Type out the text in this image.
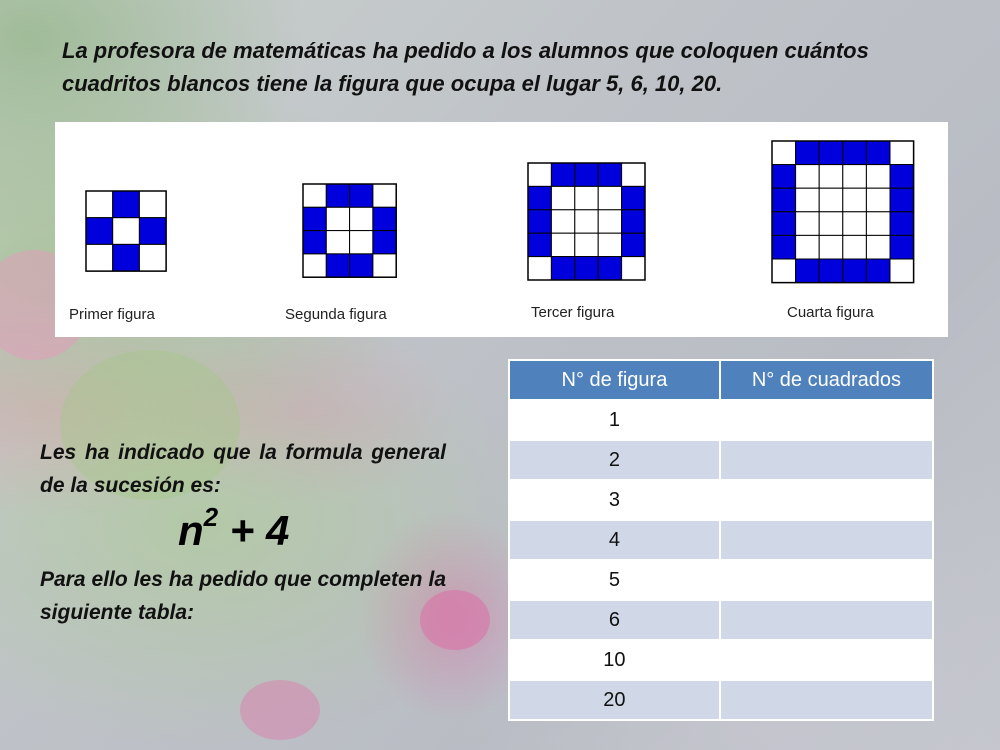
La profesora de matemáticas ha pedido a los alumnos que coloquen cuántos cuadritos blancos tiene la figura que ocupa el lugar 5, 6, 10, 20.
Primer figura	Segunda figura	Tercer figura	Cuarta figura
Les ha indicado que la formula general de la sucesión es:
$n^2 + 4$
Para ello les ha pedido que completen la siguiente tabla:
N° de figura	N° de cuadrados
1	
2	
3	
4	
5	
6	
10	
20	
